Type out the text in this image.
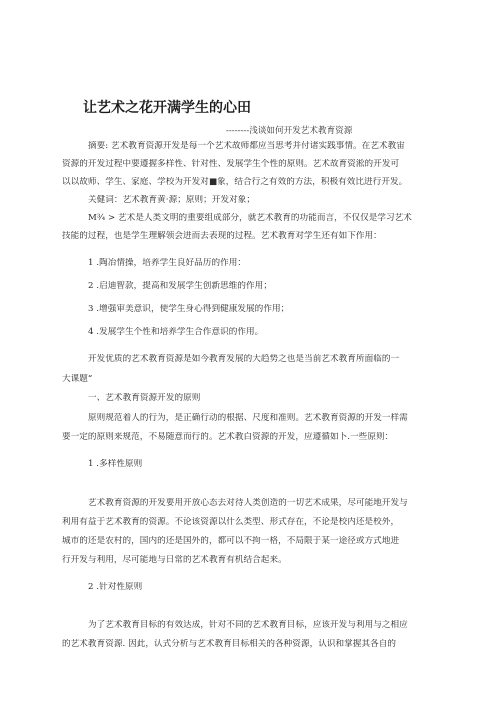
让艺术之花开满学生的心田
--------浅谈如何开发艺术教育资源
摘要: 艺术教育资源开发是每一个艺术故师都应当思考并付诸实践事情。在艺术教宙
资源的开发过程中要遵握多样性、针对性、发展学生个性的原则。艺术故育资淞的开发可
以以故师、学生、家庭、学校为开发对■象，结合行之有效的方法，积极有效比进行开发。
关健词：艺术教育黄·源；原则；开发对象；
M¾ > 艺术是人类文明的重要组成部分，就艺术教育的功能而言，不仅仅是学习艺术
技能的过程，也是学生理解领会进而去表现的过程。艺术教育对学生还有如下作用：
1 .陶冶情操，培养学生良好品历的作用：
2 .启迪智款，提高和发展学生创新思维的作用；
3 .增强审美意识，使学生身心得到健康发展的作用；
4 .发展学生个性和培养学生合作意识的作用。
开发优质的艺术教育资源是如今教育发展的大趋势之也是当前艺术教育所面临的一
大课题“
一、艺术教育资源开发的原则
原则规范着人的行为，是正确行动的根据、尺度和准则。艺术教育资源的开发一样需
要一定的原则来规范，不易随意而行的。艺术教白资源的开发，应遵循如卜.一些原则：
1 .多样性原则
艺术教育资源的开发要用开放心态去对待人类创造的一切艺术成果，尽可能地开发与
利用有益于艺术教育的资源。不论该资源以什么类型、形式存在，不论是校内还是校外，
城市的还是农村的，国内的还是国外的，都可以不拘一格，不局限于某一途径或方式地进
行开发与利用，尽可能地与日常的艺术教育有机结合起来。
2 .针对性原则
为了艺术教育目标的有效达成，针对不同的艺术教育目标，应该开发与利用与之相应
的艺术教育资源. 因此，认式分析与艺术教育目标相关的各种资源，认识和掌握其各自的
